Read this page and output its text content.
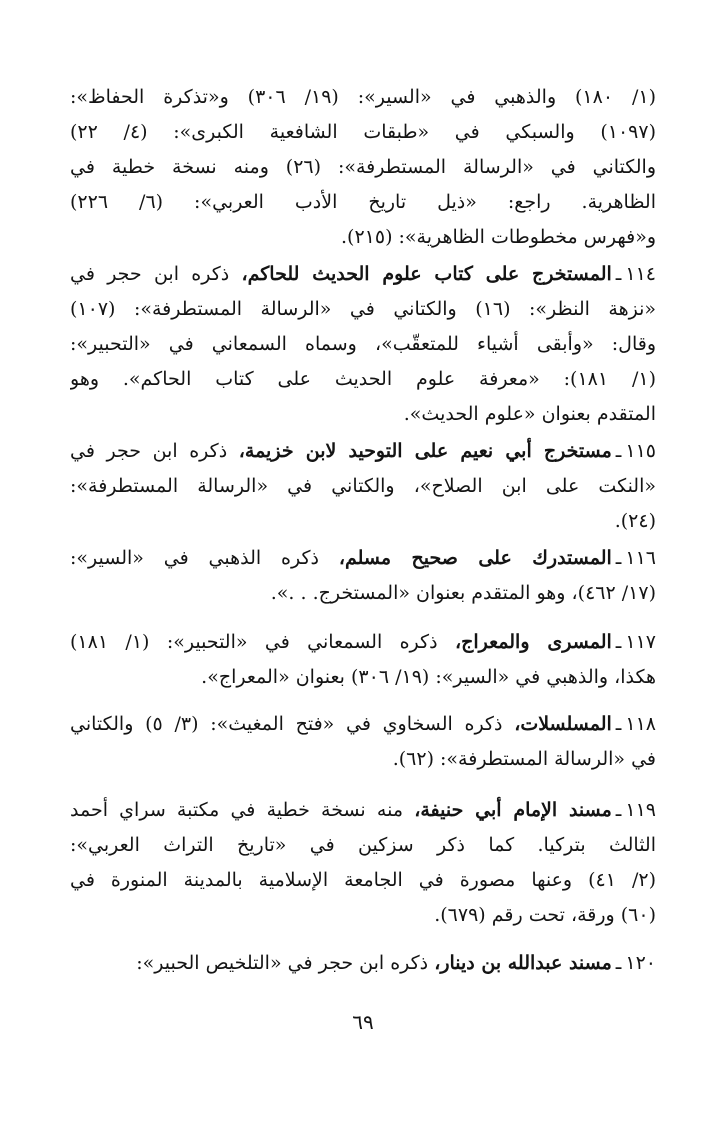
(١/ ١٨٠) والذهبي في «السير»: (١٩/ ٣٠٦) و«تذكرة الحفاظ»:
(١٠٩٧) والسبكي في «طبقات الشافعية الكبرى»: (٤/ ٢٢)
والكتاني في «الرسالة المستطرفة»: (٢٦) ومنه نسخة خطية في
الظاهرية. راجع: «ذيل تاريخ الأدب العربي»: (٦/ ٢٢٦)
و«فهرس مخطوطات الظاهرية»: (٢١٥).
١١٤ـالمستخرج على كتاب علوم الحديث للحاكم، ذكره ابن حجر في
«نزهة النظر»: (١٦) والكتاني في «الرسالة المستطرفة»: (١٠٧)
وقال: «وأبقى أشياء للمتعقّب»، وسماه السمعاني في «التحبير»:
(١/ ١٨١): «معرفة علوم الحديث على كتاب الحاكم». وهو
المتقدم بعنوان «علوم الحديث».
١١٥ـمستخرج أبي نعيم على التوحيد لابن خزيمة، ذكره ابن حجر في
«النكت على ابن الصلاح»، والكتاني في «الرسالة المستطرفة»:
(٢٤).
١١٦ـالمستدرك على صحيح مسلم، ذكره الذهبي في «السير»:
(١٧/ ٤٦٢)، وهو المتقدم بعنوان «المستخرج. . .».
١١٧ـالمسرى والمعراج، ذكره السمعاني في «التحبير»: (١/ ١٨١)
هكذا، والذهبي في «السير»: (١٩/ ٣٠٦) بعنوان «المعراج».
١١٨ـالمسلسلات، ذكره السخاوي في «فتح المغيث»: (٣/ ٥) والكتاني
في «الرسالة المستطرفة»: (٦٢).
١١٩ـمسند الإمام أبي حنيفة، منه نسخة خطية في مكتبة سراي أحمد
الثالث بتركيا. كما ذكر سزكين في «تاريخ التراث العربي»:
(٢/ ٤١) وعنها مصورة في الجامعة الإسلامية بالمدينة المنورة في
(٦٠) ورقة، تحت رقم (٦٧٩).
١٢٠ـمسند عبدالله بن دينار، ذكره ابن حجر في «التلخيص الحبير»:
٦٩
